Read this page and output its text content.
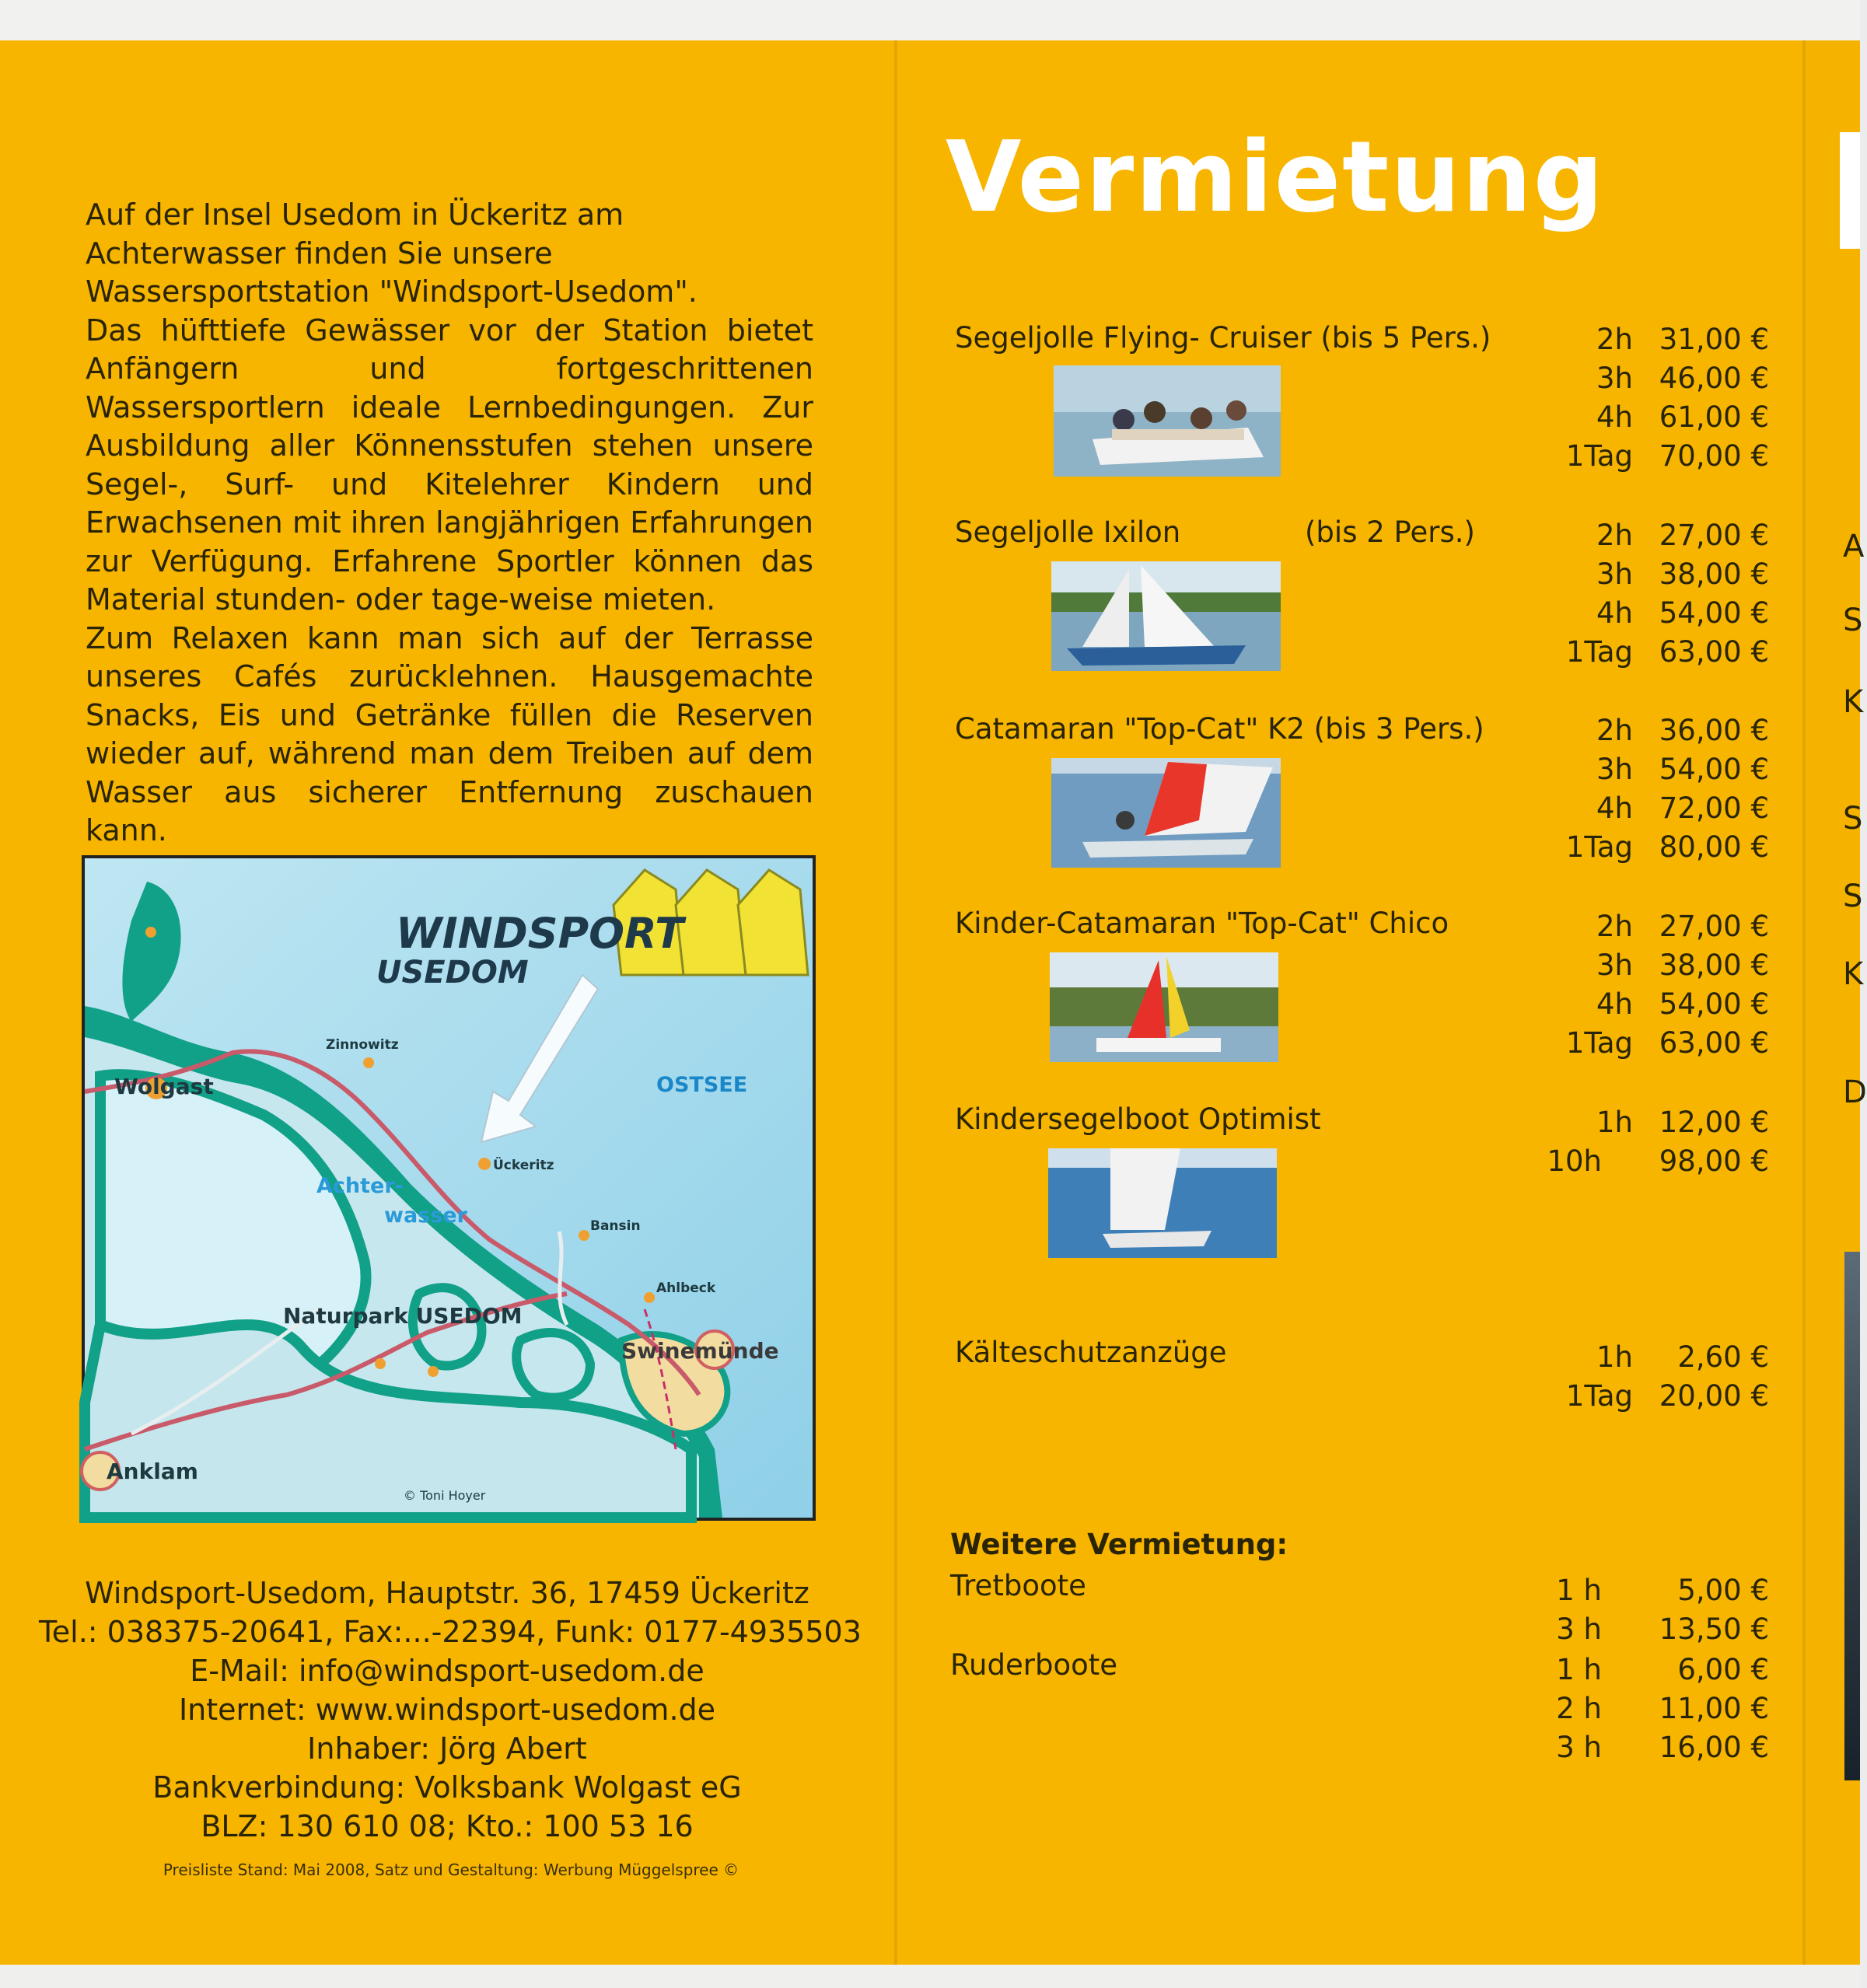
Auf der Insel Usedom in Ückeritz am Achterwasser finden Sie unsere Wassersportstation "Windsport-Usedom".

Das hüfttiefe Gewässer vor der Station bietet Anfängern und fortgeschrittenen Wassersportlern ideale Lernbedingungen. Zur Ausbildung aller Könnensstufen stehen unsere Segel-, Surf- und Kitelehrer Kindern und Erwachsenen mit ihren langjährigen Erfahrungen zur Verfügung. Erfahrene Sportler können das Material stunden- oder tage-weise mieten.

Zum Relaxen kann man sich auf der Terrasse unseres Cafés zurücklehnen. Hausgemachte Snacks, Eis und Getränke füllen die Reserven wieder auf, während man dem Treiben auf dem Wasser aus sicherer Entfernung zuschauen kann.

WINDSPORT
USEDOM
OSTSEE
Achter-
wasser
Naturpark USEDOM
Wolgast
Zinnowitz
Ückeritz
Bansin
Ahlbeck
Swinemünde
Anklam
© Toni Hoyer
Windsport-Usedom, Hauptstr. 36, 17459 Ückeritz
Tel.: 038375-20641, Fax:...-22394, Funk: 0177-4935503
E-Mail: info@windsport-usedom.de
Internet: www.windsport-usedom.de
Inhaber: Jörg Abert
Bankverbindung: Volksbank Wolgast eG
BLZ: 130 610 08; Kto.: 100 53 16
Preisliste Stand: Mai 2008, Satz und Gestaltung: Werbung Müggelspree ©
Vermietung
Segeljolle Flying- Cruiser (bis 5 Pers.)	2h 31,00 €
3h 46,00 €
4h 61,00 €
1Tag 70,00 €
Segeljolle Ixilon	(bis 2 Pers.)	2h 27,00 €
3h 38,00 €
4h 54,00 €
1Tag 63,00 €
Catamaran "Top-Cat" K2 (bis 3 Pers.)	2h 36,00 €
3h 54,00 €
4h 72,00 €
1Tag 80,00 €
Kinder-Catamaran "Top-Cat" Chico	2h 27,00 €
3h 38,00 €
4h 54,00 €
1Tag 63,00 €
Kindersegelboot Optimist	1h 12,00 €
10h	98,00 €
Kälteschutzanzüge	1h	2,60 €
1Tag 20,00 €
Weitere Vermietung:
Tretboote	1 h	5,00 €
3 h	13,50 €
Ruderboote	1 h	6,00 €
2 h	11,00 €
3 h	16,00 €
A
S
K
S
S
K
D
